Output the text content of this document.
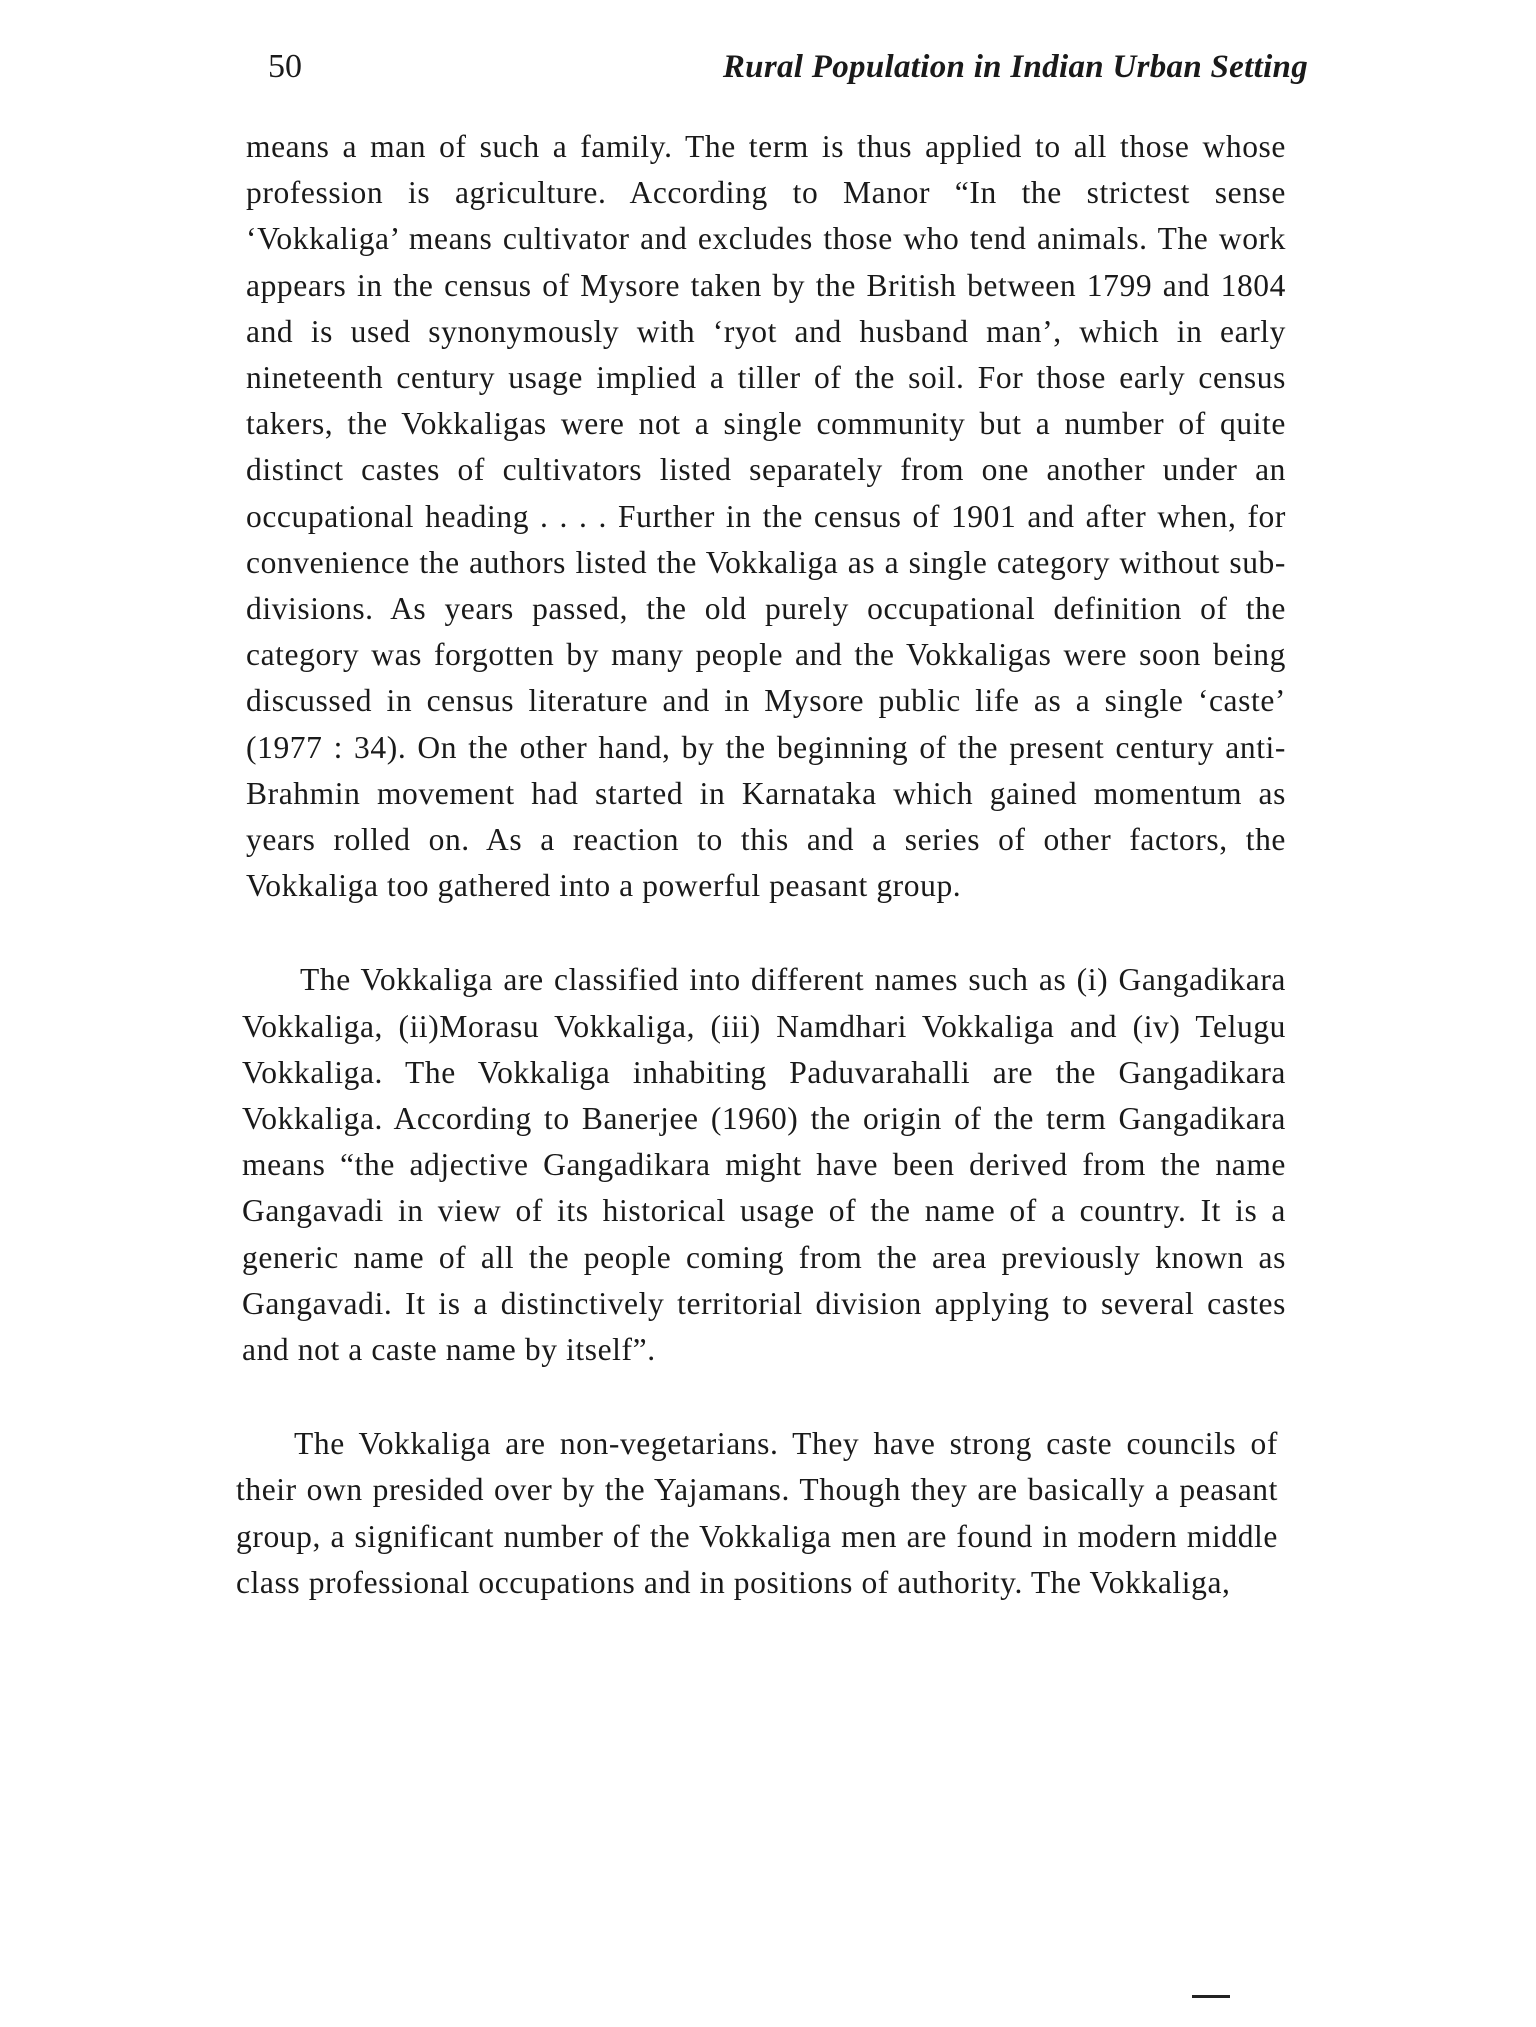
50	Rural Population in Indian Urban Setting

means a man of such a family. The term is thus applied to all those whose profession is agriculture. According to Manor “In the strictest sense ‘Vokkaliga’ means cultivator and excludes those who tend animals. The work appears in the census of Mysore taken by the British between 1799 and 1804 and is used synonymously with ‘ryot and husband man’, which in early nineteenth century usage implied a tiller of the soil. For those early census takers, the Vokkaligas were not a single community but a number of quite distinct castes of cultivators listed separately from one another under an occupational heading . . . . Further in the census of 1901 and after when, for convenience the authors listed the Vokkaliga as a single category without sub-divisions. As years passed, the old purely occupational definition of the category was forgotten by many people and the Vokkaligas were soon being discussed in census literature and in Mysore public life as a single ‘caste’ (1977 : 34). On the other hand, by the beginning of the present century anti-Brahmin movement had started in Karnataka which gained momentum as years rolled on. As a reaction to this and a series of other factors, the Vokkaliga too gathered into a powerful peasant group.

The Vokkaliga are classified into different names such as (i) Gangadikara Vokkaliga, (ii)Morasu Vokkaliga, (iii) Namdhari Vokkaliga and (iv) Telugu Vokkaliga. The Vokkaliga inhabiting Paduvarahalli are the Gangadikara Vokkaliga. According to Banerjee (1960) the origin of the term Gangadikara means “the adjective Gangadikara might have been derived from the name Gangavadi in view of its historical usage of the name of a country. It is a generic name of all the people coming from the area previously known as Gangavadi. It is a distinctively territorial division applying to several castes and not a caste name by itself”.

The Vokkaliga are non-vegetarians. They have strong caste councils of their own presided over by the Yajamans. Though they are basically a peasant group, a significant number of the Vokkaliga men are found in modern middle class professional occupations and in positions of authority. The Vokkaliga,
